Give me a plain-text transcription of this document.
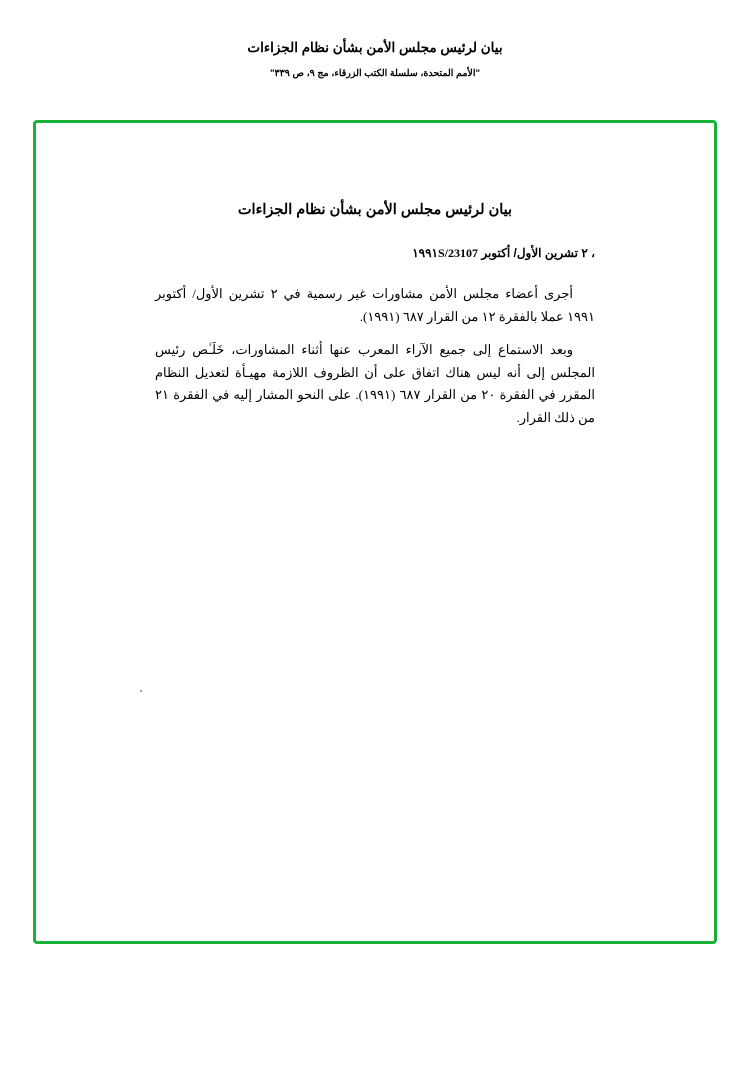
بيان لرئيس مجلس الأمن بشأن نظام الجزاءات
"الأمم المتحدة، سلسلة الكتب الزرقاء، مج ٩، ص ٣٣٩"
بيان لرئيس مجلس الأمن بشأن نظام الجزاءات

، ٢ تشرين الأول/ أكتوبر ١٩٩١S/23107

أجرى أعضاء مجلس الأمن مشاورات غير رسمية في ٢ تشرين الأول/ أكتوبر ١٩٩١ عملا بالفقرة ١٢ من القرار ٦٨٧ (١٩٩١).

وبعد الاستماع إلى جميع الآراء المعرب عنها أثناء المشاورات، خَلَـٰص رئيس المجلس إلى أنه ليس هناك اتفاق على أن الظروف اللازمة مهيـأة لتعديل النظام المقرر في الفقرة ٢٠ من القرار ٦٨٧ (١٩٩١). على النحو المشار إليه في الفقرة ٢١ من ذلك القرار.
